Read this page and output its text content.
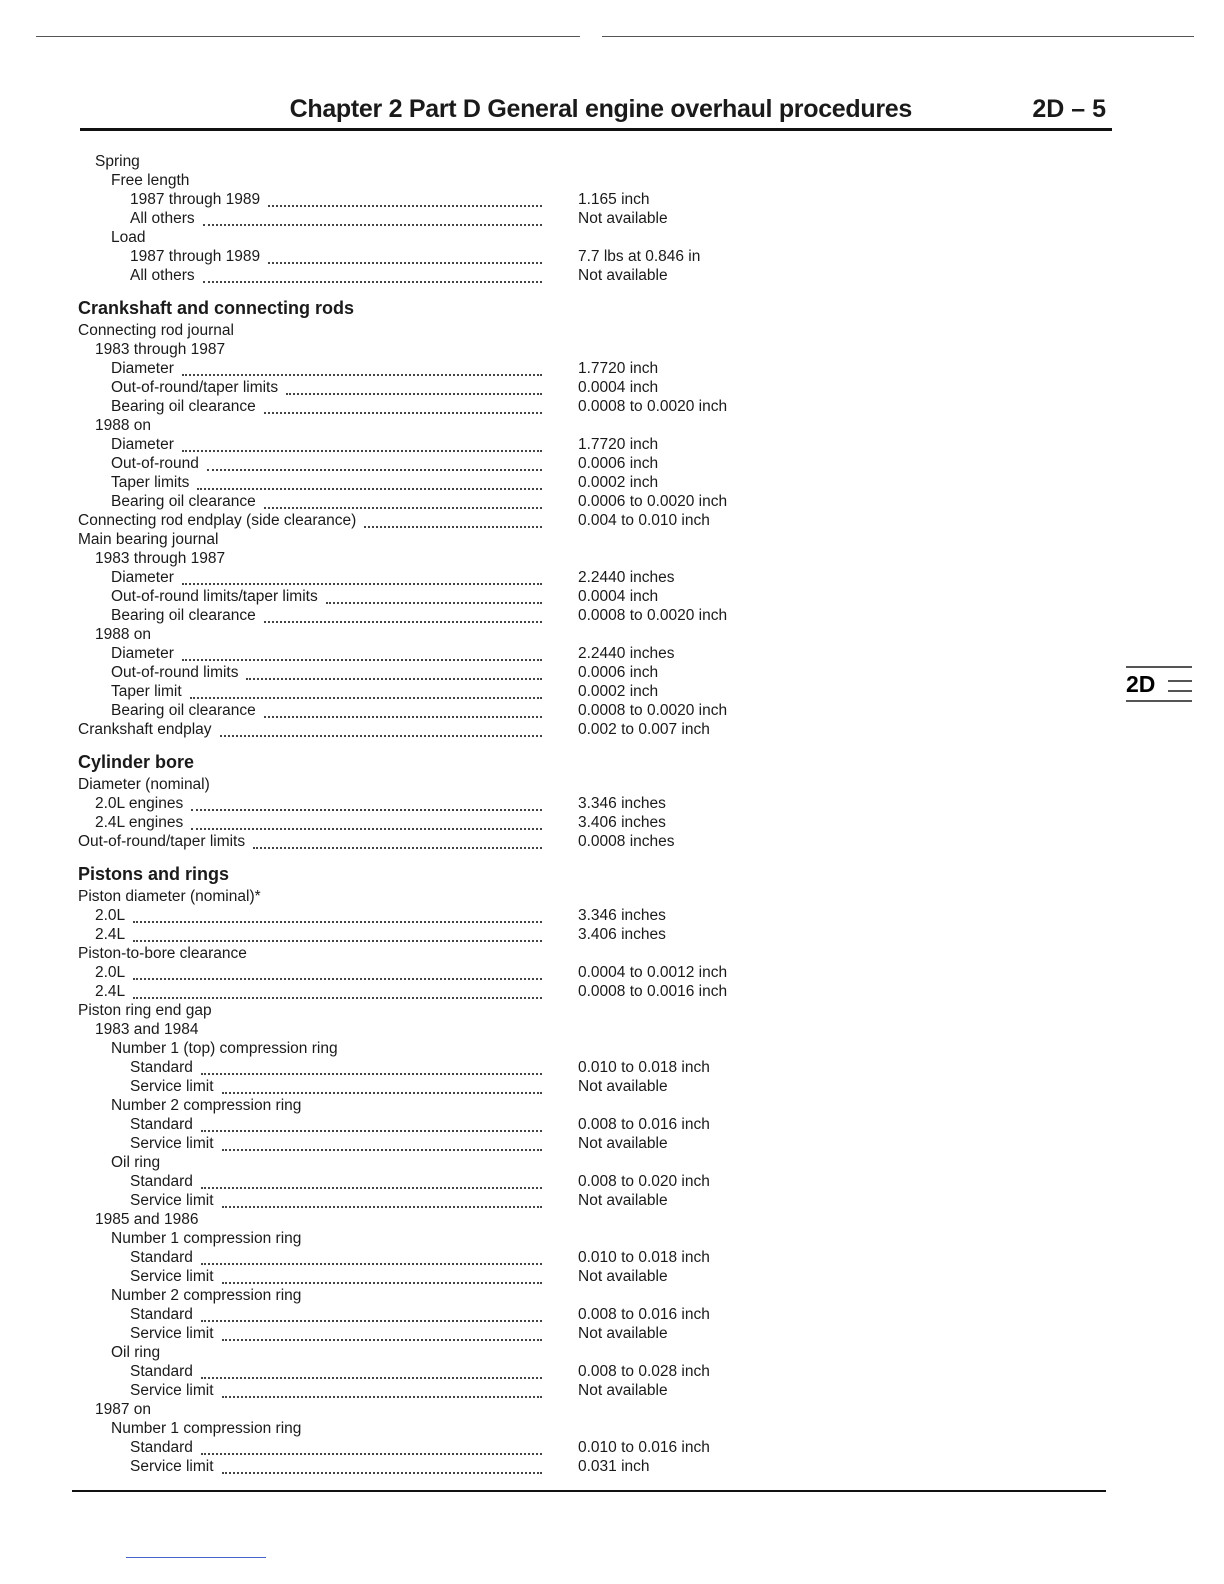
Chapter 2 Part D General engine overhaul procedures	2D – 5
Spring
Free length
1987 through 1989	1.165 inch
All others	Not available
Load
1987 through 1989	7.7 lbs at 0.846 in
All others	Not available
Crankshaft and connecting rods
Connecting rod journal
1983 through 1987
Diameter	1.7720 inch
Out-of-round/taper limits	0.0004 inch
Bearing oil clearance	0.0008 to 0.0020 inch
1988 on
Diameter	1.7720 inch
Out-of-round	0.0006 inch
Taper limits	0.0002 inch
Bearing oil clearance	0.0006 to 0.0020 inch
Connecting rod endplay (side clearance)	0.004 to 0.010 inch
Main bearing journal
1983 through 1987
Diameter	2.2440 inches
Out-of-round limits/taper limits	0.0004 inch
Bearing oil clearance	0.0008 to 0.0020 inch
1988 on
Diameter	2.2440 inches
Out-of-round limits	0.0006 inch
Taper limit	0.0002 inch
Bearing oil clearance	0.0008 to 0.0020 inch
Crankshaft endplay	0.002 to 0.007 inch
Cylinder bore
Diameter (nominal)
2.0L engines	3.346 inches
2.4L engines	3.406 inches
Out-of-round/taper limits	0.0008 inches
Pistons and rings
Piston diameter (nominal)*
2.0L	3.346 inches
2.4L	3.406 inches
Piston-to-bore clearance
2.0L	0.0004 to 0.0012 inch
2.4L	0.0008 to 0.0016 inch
Piston ring end gap
1983 and 1984
Number 1 (top) compression ring
Standard	0.010 to 0.018 inch
Service limit	Not available
Number 2 compression ring
Standard	0.008 to 0.016 inch
Service limit	Not available
Oil ring
Standard	0.008 to 0.020 inch
Service limit	Not available
1985 and 1986
Number 1 compression ring
Standard	0.010 to 0.018 inch
Service limit	Not available
Number 2 compression ring
Standard	0.008 to 0.016 inch
Service limit	Not available
Oil ring
Standard	0.008 to 0.028 inch
Service limit	Not available
1987 on
Number 1 compression ring
Standard	0.010 to 0.016 inch
Service limit	0.031 inch
2D
